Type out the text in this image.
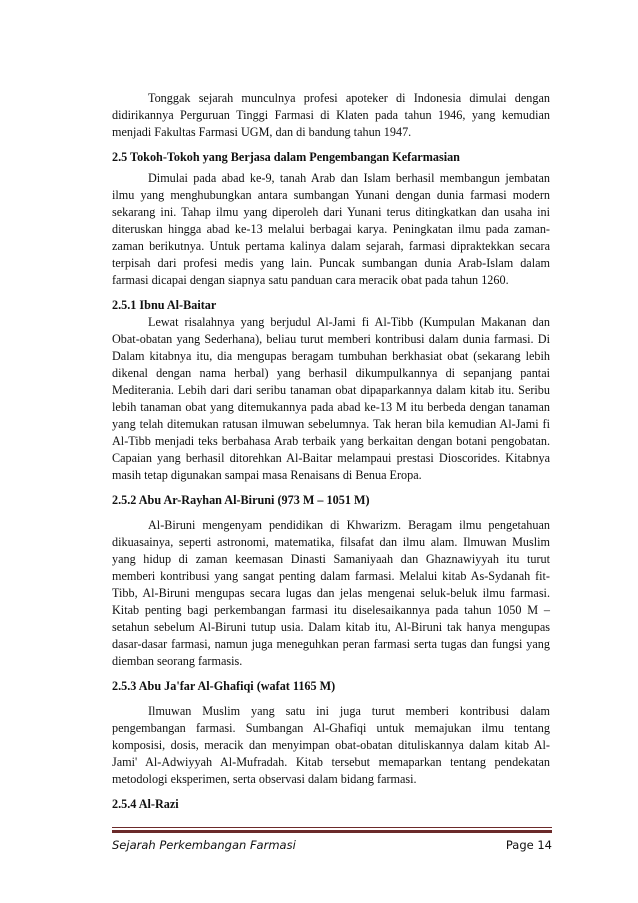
Tonggak sejarah munculnya profesi apoteker di Indonesia dimulai dengan didirikannya Perguruan Tinggi Farmasi di Klaten pada tahun 1946, yang kemudian menjadi Fakultas Farmasi UGM, dan di bandung tahun 1947.

2.5 Tokoh-Tokoh yang Berjasa dalam Pengembangan Kefarmasian

Dimulai pada abad ke-9, tanah Arab dan Islam berhasil membangun jembatan ilmu yang menghubungkan antara sumbangan Yunani dengan dunia farmasi modern sekarang ini. Tahap ilmu yang diperoleh dari Yunani terus ditingkatkan dan usaha ini diteruskan hingga abad ke-13 melalui berbagai karya. Peningkatan ilmu pada zaman-zaman berikutnya. Untuk pertama kalinya dalam sejarah, farmasi dipraktekkan secara terpisah dari profesi medis yang lain. Puncak sumbangan dunia Arab-Islam dalam farmasi dicapai dengan siapnya satu panduan cara meracik obat pada tahun 1260.

2.5.1 Ibnu Al-Baitar

Lewat risalahnya yang berjudul Al-Jami fi Al-Tibb (Kumpulan Makanan dan Obat-obatan yang Sederhana), beliau turut memberi kontribusi dalam dunia farmasi. Di Dalam kitabnya itu, dia mengupas beragam tumbuhan berkhasiat obat (sekarang lebih dikenal dengan nama herbal) yang berhasil dikumpulkannya di sepanjang pantai Mediterania. Lebih dari dari seribu tanaman obat dipaparkannya dalam kitab itu. Seribu lebih tanaman obat yang ditemukannya pada abad ke-13 M itu berbeda dengan tanaman yang telah ditemukan ratusan ilmuwan sebelumnya. Tak heran bila kemudian Al-Jami fi Al-Tibb menjadi teks berbahasa Arab terbaik yang berkaitan dengan botani pengobatan. Capaian yang berhasil ditorehkan Al-Baitar melampaui prestasi Dioscorides. Kitabnya masih tetap digunakan sampai masa Renaisans di Benua Eropa.

2.5.2 Abu Ar-Rayhan Al-Biruni (973 M – 1051 M)

Al-Biruni mengenyam pendidikan di Khwarizm. Beragam ilmu pengetahuan dikuasainya, seperti astronomi, matematika, filsafat dan ilmu alam. Ilmuwan Muslim yang hidup di zaman keemasan Dinasti Samaniyaah dan Ghaznawiyyah itu turut memberi kontribusi yang sangat penting dalam farmasi. Melalui kitab As-Sydanah fit-Tibb, Al-Biruni mengupas secara lugas dan jelas mengenai seluk-beluk ilmu farmasi. Kitab penting bagi perkembangan farmasi itu diselesaikannya pada tahun 1050 M – setahun sebelum Al-Biruni tutup usia. Dalam kitab itu, Al-Biruni tak hanya mengupas dasar-dasar farmasi, namun juga meneguhkan peran farmasi serta tugas dan fungsi yang diemban seorang farmasis.

2.5.3 Abu Ja'far Al-Ghafiqi (wafat 1165 M)

Ilmuwan Muslim yang satu ini juga turut memberi kontribusi dalam pengembangan farmasi. Sumbangan Al-Ghafiqi untuk memajukan ilmu tentang komposisi, dosis, meracik dan menyimpan obat-obatan dituliskannya dalam kitab Al-Jami' Al-Adwiyyah Al-Mufradah. Kitab tersebut memaparkan tentang pendekatan metodologi eksperimen, serta observasi dalam bidang farmasi.

2.5.4 Al-Razi

Sejarah Perkembangan Farmasi	Page 14
